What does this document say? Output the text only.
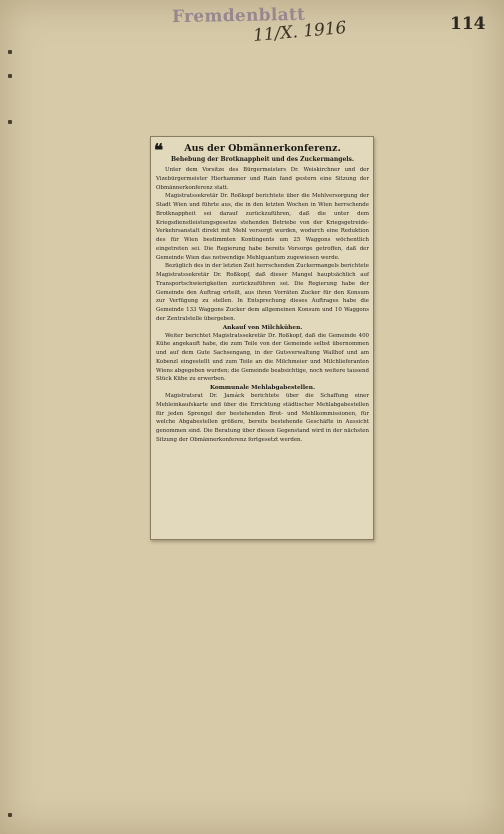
Fremdenblatt
11/X. 1916	114
❝	Aus der Obmännerkonferenz.
Behebung der Brotknappheit und des Zuckermangels.

Unter dem Vorsitze des Bürgermeisters Dr. Weiskirchner und der Vizebürgermeister Hierhammer und Rain fand gestern eine Sitzung der Obmännerkonferenz statt.

Magistratssekretär Dr. Roßkopf berichtete über die Mehlversorgung der Stadt Wien und führte aus, die in den letzten Wochen in Wien herrschende Brotknappheit sei darauf zurückzuführen, daß die unter dem Kriegsdienstleistungsgesetze stehenden Betriebe von der Kriegsgetreide-Verkehrsanstalt direkt mit Mehl versorgt wurden, wodurch eine Reduktion des für Wien bestimmten Kontingents um 25 Waggons wöchentlich eingetreten sei. Die Regierung habe bereits Vorsorge getroffen, daß der Gemeinde Wien das notwendige Mehlquantum zugewiesen werde.

Bezüglich des in der letzten Zeit herrschenden Zuckermangels berichtete Magistratssekretär Dr. Roßkopf, daß dieser Mangel hauptsächlich auf Transportschwierigkeiten zurückzuführen sei. Die Regierung habe der Gemeinde den Auftrag erteilt, aus ihren Vorräten Zucker für den Konsum zur Verfügung zu stellen. In Entsprechung dieses Auftrages habe die Gemeinde 133 Waggons Zucker dem allgemeinen Konsum und 10 Waggons der Zentralstelle übergeben.

Ankauf von Milchkühen.

Weiter berichtet Magistratssekretär Dr. Roßkopf, daß die Gemeinde 400 Kühe angekauft habe, die zum Teile von der Gemeinde selbst übernommen und auf dem Gute Sachsengang, in der Gutsverwaltung Wallhof und am Kobenzl eingestellt und zum Teile an die Milchmeier und Milchlieferanten Wiens abgegeben wurden; die Gemeinde beabsichtige, noch weitere tausend Stück Kühe zu erwerben.

Kommunale Mehlabgabestellen.

Magistratsrat Dr. Jamáck berichtete über die Schaffung einer Mehleinkaufskarte und über die Errichtung städtischer Mehlabgabestellen für jeden Sprengel der bestehenden Brot- und Mehlkommissionen, für welche Abgabestellen größere, bereits bestehende Geschäfte in Aussicht genommen sind. Die Beratung über diesen Gegenstand wird in der nächsten Sitzung der Obmännerkonferenz fortgesetzt werden.
